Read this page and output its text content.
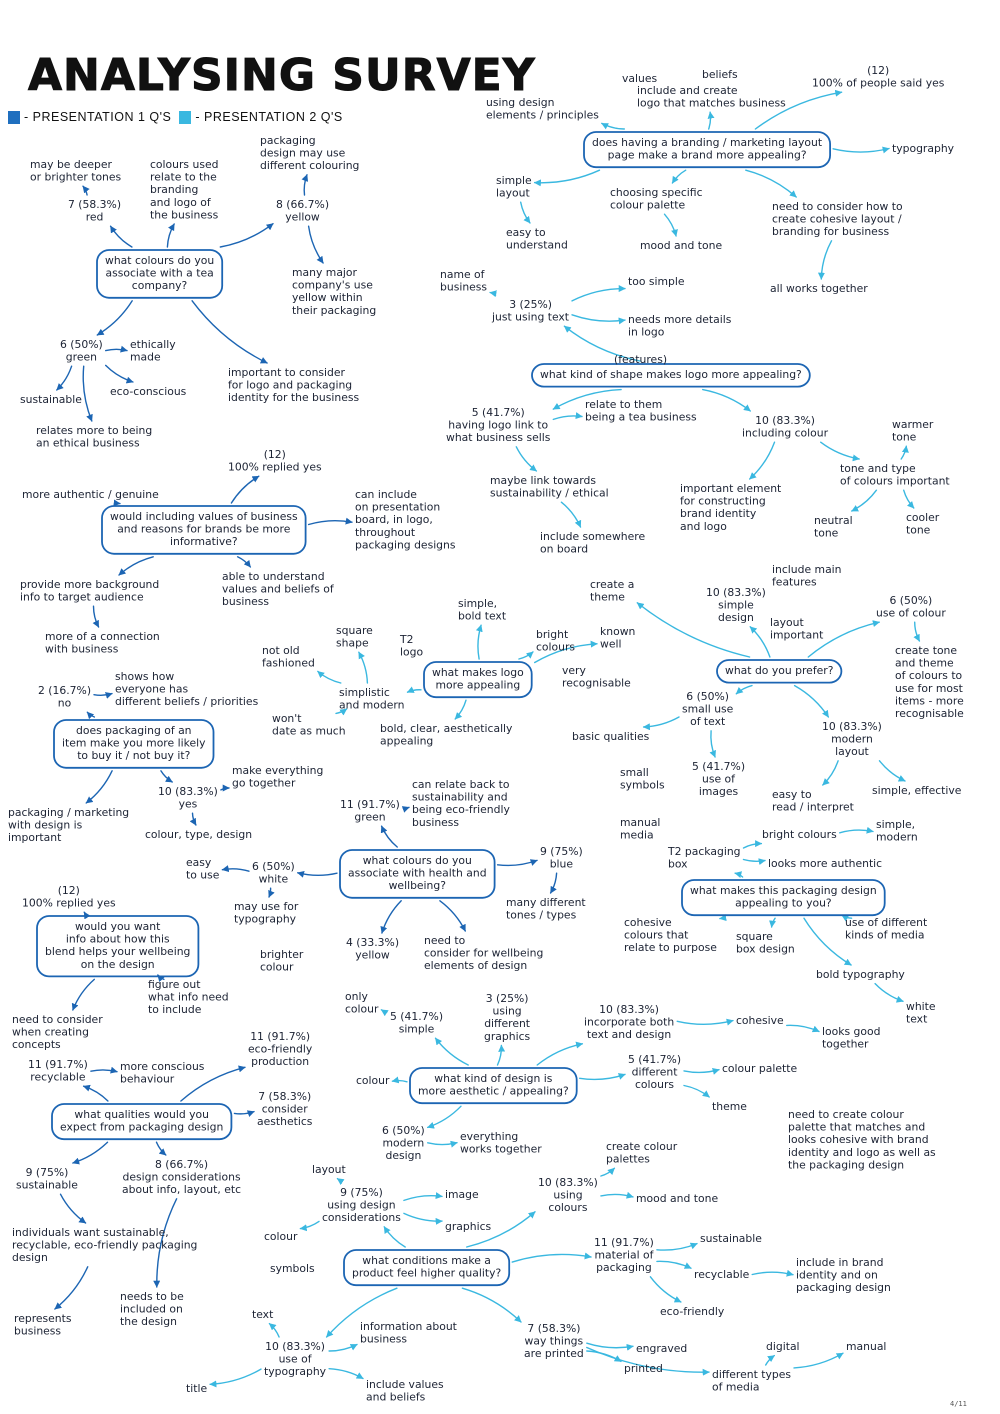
ANALYSING SURVEY
- PRESENTATION 1 Q'S - PRESENTATION 2 Q'S
what colours do you associate with a tea company?
would including values of business and reasons for brands be more informative?
does packaging of an item make you more likely to buy it / not buy it?
would you want info about how this blend helps your wellbeing on the design
what qualities would you expect from packaging design
does having a branding / marketing layout page make a brand more appealing?
what kind of shape makes logo more appealing?
what makes logo more appealing
what do you prefer?
what colours do you associate with health and wellbeing?	what makes this packaging design appealing to you?
what kind of design is more aesthetic / appealing?
what conditions make a product feel higher quality?
may be deeper or brighter tones
colours used relate to the branding and logo of the business
packaging design may use different colouring
7 (58.3%) red
8 (66.7%) yellow
many major company's use yellow within their packaging
6 (50%) green
ethically made
eco-conscious
sustainable
relates more to being an ethical business
important to consider for logo and packaging identity for the business
(12) 100% replied yes
more authentic / genuine	can include on presentation board, in logo, throughout packaging designs
provide more background info to target audience
able to understand values and beliefs of business
more of a connection with business
2 (16.7%) no
shows how everyone has different beliefs / priorities
10 (83.3%) yes
make everything go together
packaging / marketing with design is important	colour, type, design
(12) 100% replied yes
need to consider when creating concepts
figure out what info need to include
11 (91.7%) recyclable
more conscious behaviour
11 (91.7%) eco-friendly production
7 (58.3%) consider aesthetics
9 (75%) sustainable
8 (66.7%) design considerations about info, layout, etc
individuals want sustainable, recyclable, eco-friendly packaging design
represents business
needs to be included on the design
values	beliefs
include and create logo that matches business
(12) 100% of people said yes
using design elements / principles
typography
simple layout
easy to understand
choosing specific colour palette
mood and tone
need to consider how to create cohesive layout / branding for business
all works together
name of business
3 (25%) just using text
too simple
needs more details in logo
(features)
5 (41.7%) having logo link to what business sells
relate to them being a tea business	10 (83.3%) including colour
warmer tone
tone and type of colours important
maybe link towards sustainability / ethical	important element for constructing brand identity and logo	neutral tone
cooler tone
include somewhere on board
create a theme
include main features
10 (83.3%) simple design	layout important
6 (50%) use of colour
create tone and theme of colours to use for most items - more recognisable
T2 logo
simple, bold text
bright colours
known well
square shape
not old fashioned
simplistic and modern
very recognisable
won't date as much	bold, clear, aesthetically appealing
6 (50%) small use of text
basic qualities
5 (41.7%) use of images
small symbols
10 (83.3%) modern layout
easy to read / interpret
simple, effective
manual media
11 (91.7%) green
can relate back to sustainability and being eco-friendly business
9 (75%) blue
many different tones / types
6 (50%) white
easy to use
may use for typography
brighter colour
4 (33.3%) yellow
need to consider for wellbeing elements of design
T2 packaging box
bright colours
simple, modern
looks more authentic
cohesive colours that relate to purpose
square box design
use of different kinds of media
bold typography
white text
only colour
5 (41.7%) simple
3 (25%) using different graphics
10 (83.3%) incorporate both text and design
cohesive
looks good together
colour
5 (41.7%) different colours
colour palette
theme
6 (50%) modern design
everything works together
need to create colour palette that matches and looks cohesive with brand identity and logo as well as the packaging design
layout
9 (75%) using design considerations
image
graphics
colour
symbols
create colour palettes
10 (83.3%) using colours
mood and tone
11 (91.7%) material of packaging
sustainable
recyclable
eco-friendly
include in brand identity and on packaging design
text
10 (83.3%) use of typography
title
information about business
include values and beliefs
7 (58.3%) way things are printed	engraved
printed	different types of media
digital	manual
4/11
